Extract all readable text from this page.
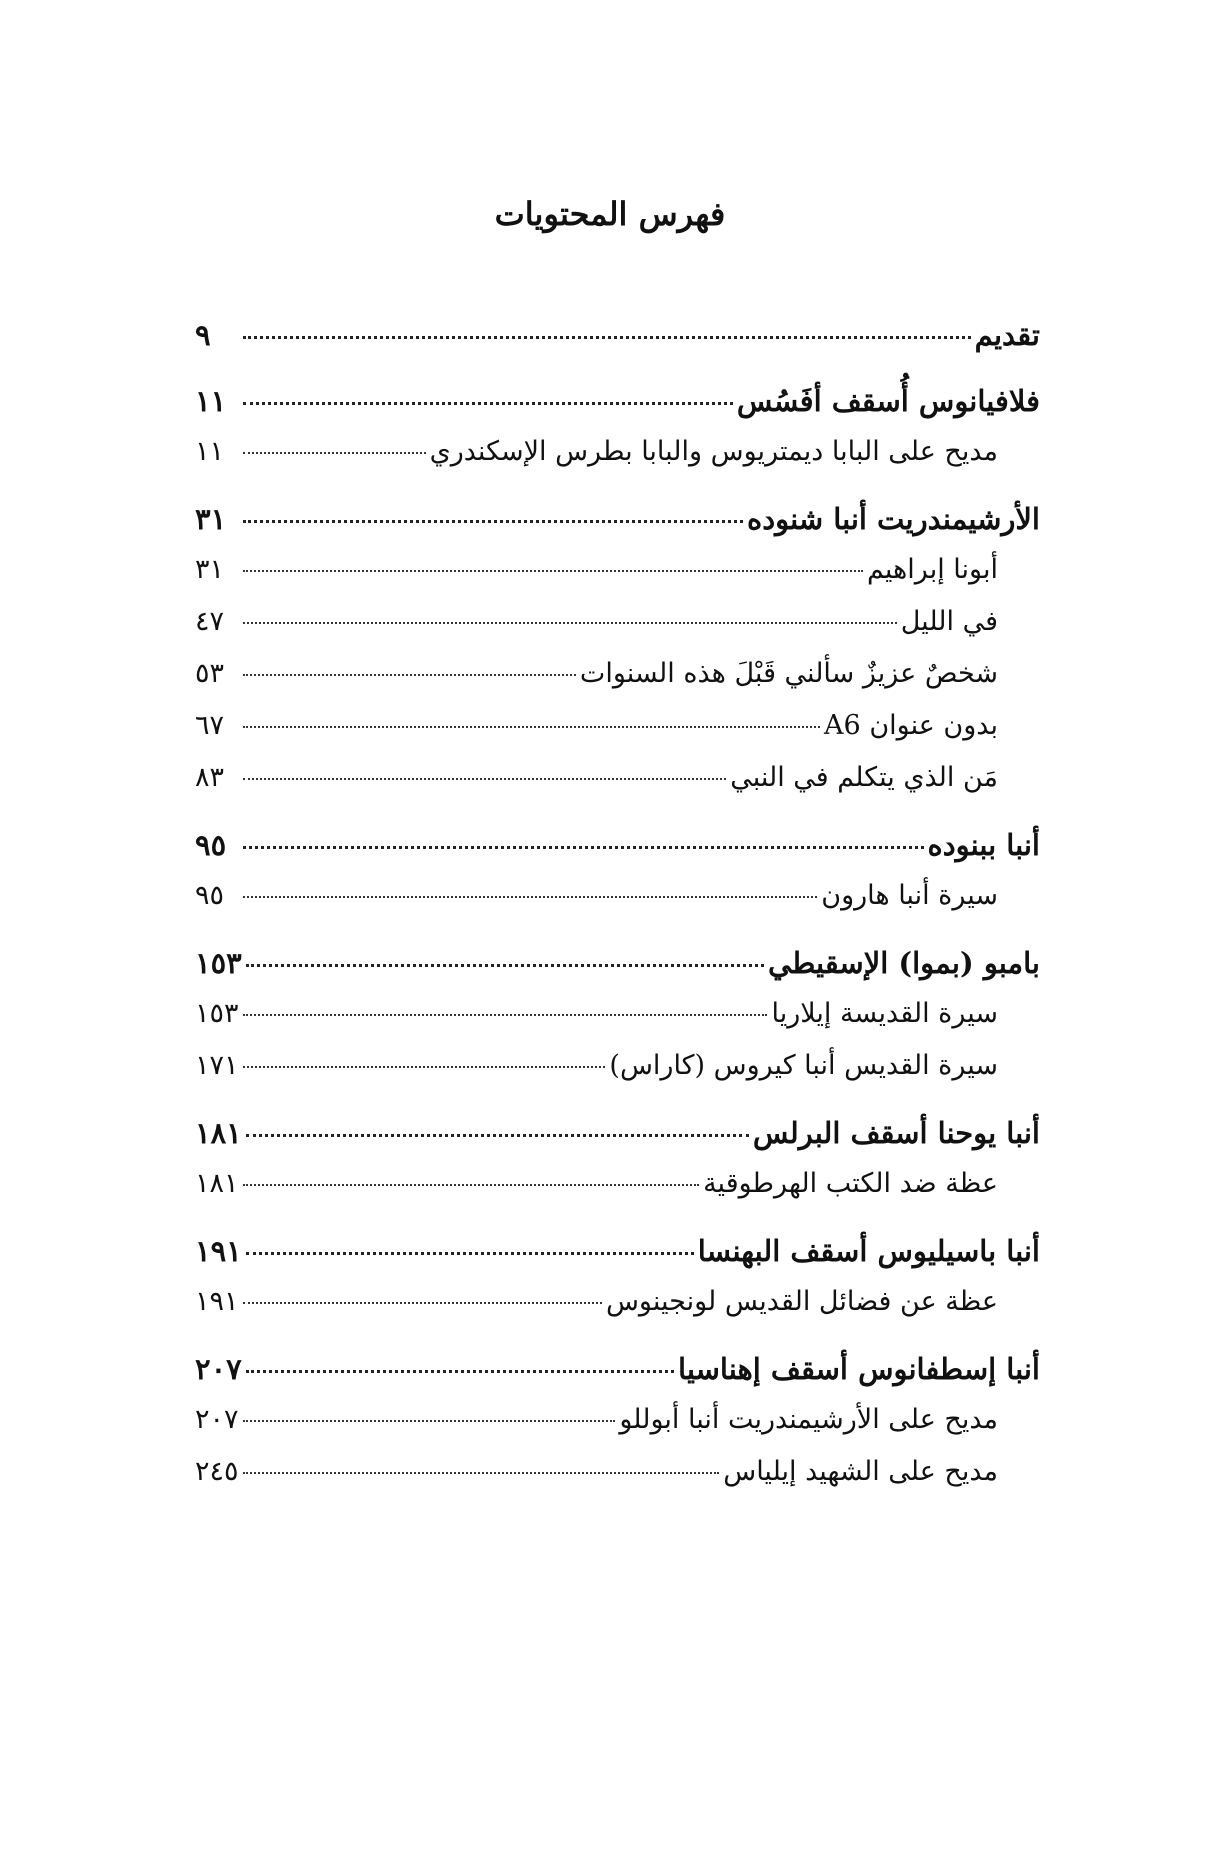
فهرس المحتويات
تقديم
٩
فلافيانوس أُسقف أفَسُس
١١
مديح على البابا ديمتريوس والبابا بطرس الإسكندري
١١
الأرشيمندريت أنبا شنوده
٣١
أبونا إبراهيم
٣١
في الليل
٤٧
شخصٌ عزيزٌ سألني قَبْلَ هذه السنوات
٥٣
بدون عنوان A6
٦٧
مَن الذي يتكلم في النبي
٨٣
أنبا ببنوده
٩٥
سيرة أنبا هارون
٩٥
بامبو (بموا) الإسقيطي
١٥٣
سيرة القديسة إيلاريا
١٥٣
سيرة القديس أنبا كيروس (كاراس)
١٧١
أنبا يوحنا أسقف البرلس
١٨١
عظة ضد الكتب الهرطوقية
١٨١
أنبا باسيليوس أسقف البهنسا
١٩١
عظة عن فضائل القديس لونجينوس
١٩١
أنبا إسطفانوس أسقف إهناسيا
٢٠٧
مديح على الأرشيمندريت أنبا أبوللو
٢٠٧
مديح على الشهيد إيلياس
٢٤٥
